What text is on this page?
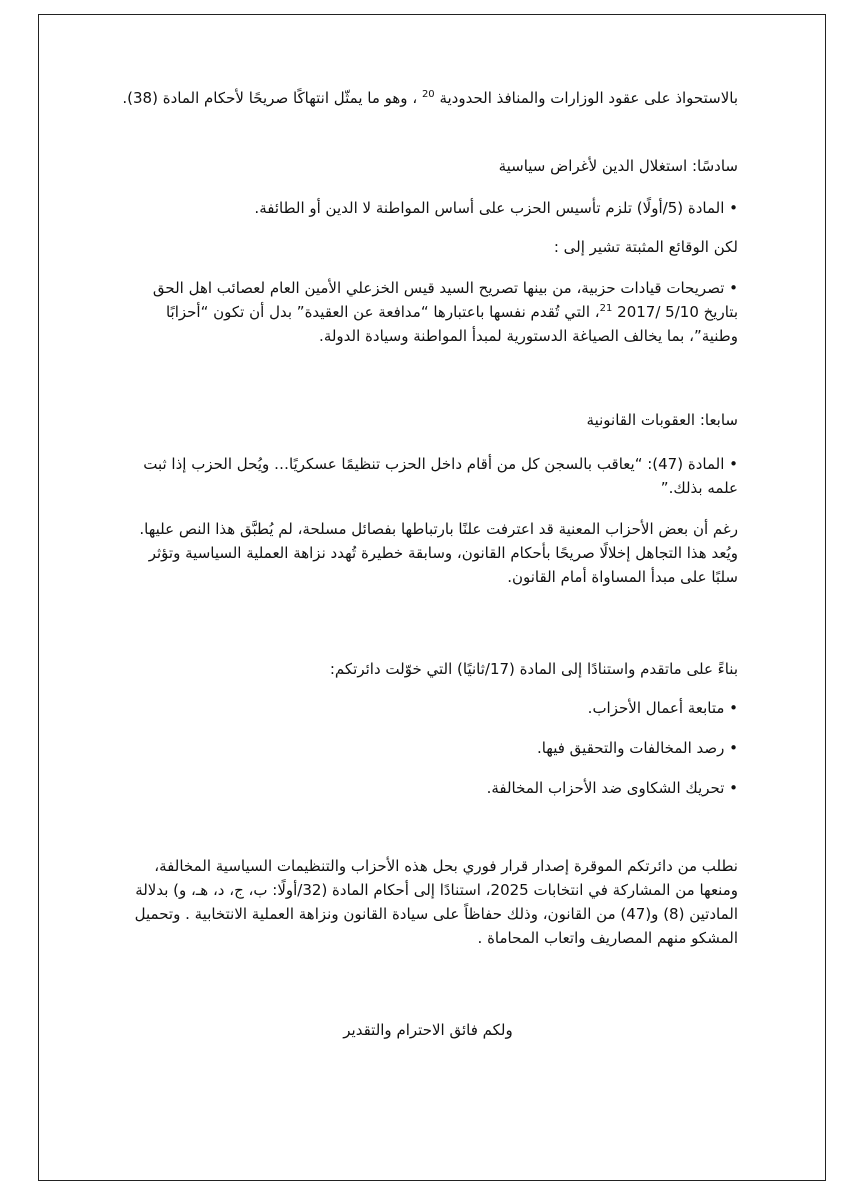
بالاستحواذ على عقود الوزارات والمنافذ الحدودية $^{20}$ ، وهو ما يمثّل انتهاكًا صريحًا لأحكام المادة (38).

سادسًا: استغلال الدين لأغراض سياسية

• المادة (5/أولًا) تلزم تأسيس الحزب على أساس المواطنة لا الدين أو الطائفة.

لكن الوقائع المثبتة تشير إلى :

• تصريحات قيادات حزبية، من بينها تصريح السيد قيس الخزعلي الأمين العام لعصائب اهل الحق بتاريخ 5/10 /2017 $^{21}$، التي تُقدم نفسها باعتبارها “مدافعة عن العقيدة” بدل أن تكون “أحزابًا وطنية”، بما يخالف الصياغة الدستورية لمبدأ المواطنة وسيادة الدولة.

سابعا: العقوبات القانونية

• المادة (47): “يعاقب بالسجن كل من أقام داخل الحزب تنظيمًا عسكريًا… ويُحل الحزب إذا ثبت علمه بذلك.”

رغم أن بعض الأحزاب المعنية قد اعترفت علنًا بارتباطها بفصائل مسلحة، لم يُطبَّق هذا النص عليها. ويُعد هذا التجاهل إخلالًا صريحًا بأحكام القانون، وسابقة خطيرة تُهدد نزاهة العملية السياسية وتؤثر سلبًا على مبدأ المساواة أمام القانون.

بناءً على ماتقدم واستنادًا إلى المادة (17/ثانيًا) التي خوّلت دائرتكم:

• متابعة أعمال الأحزاب.

• رصد المخالفات والتحقيق فيها.

• تحريك الشكاوى ضد الأحزاب المخالفة.

نطلب من دائرتكم الموقرة إصدار قرار فوري بحل هذه الأحزاب والتنظيمات السياسية المخالفة، ومنعها من المشاركة في انتخابات 2025، استنادًا إلى أحكام المادة (32/أولًا: ب، ج، د، هـ، و) بدلالة المادتين (8) و(47) من القانون، وذلك حفاظاً على سيادة القانون ونزاهة العملية الانتخابية . وتحميل المشكو منهم المصاريف واتعاب المحاماة .

ولكم فائق الاحترام والتقدير
